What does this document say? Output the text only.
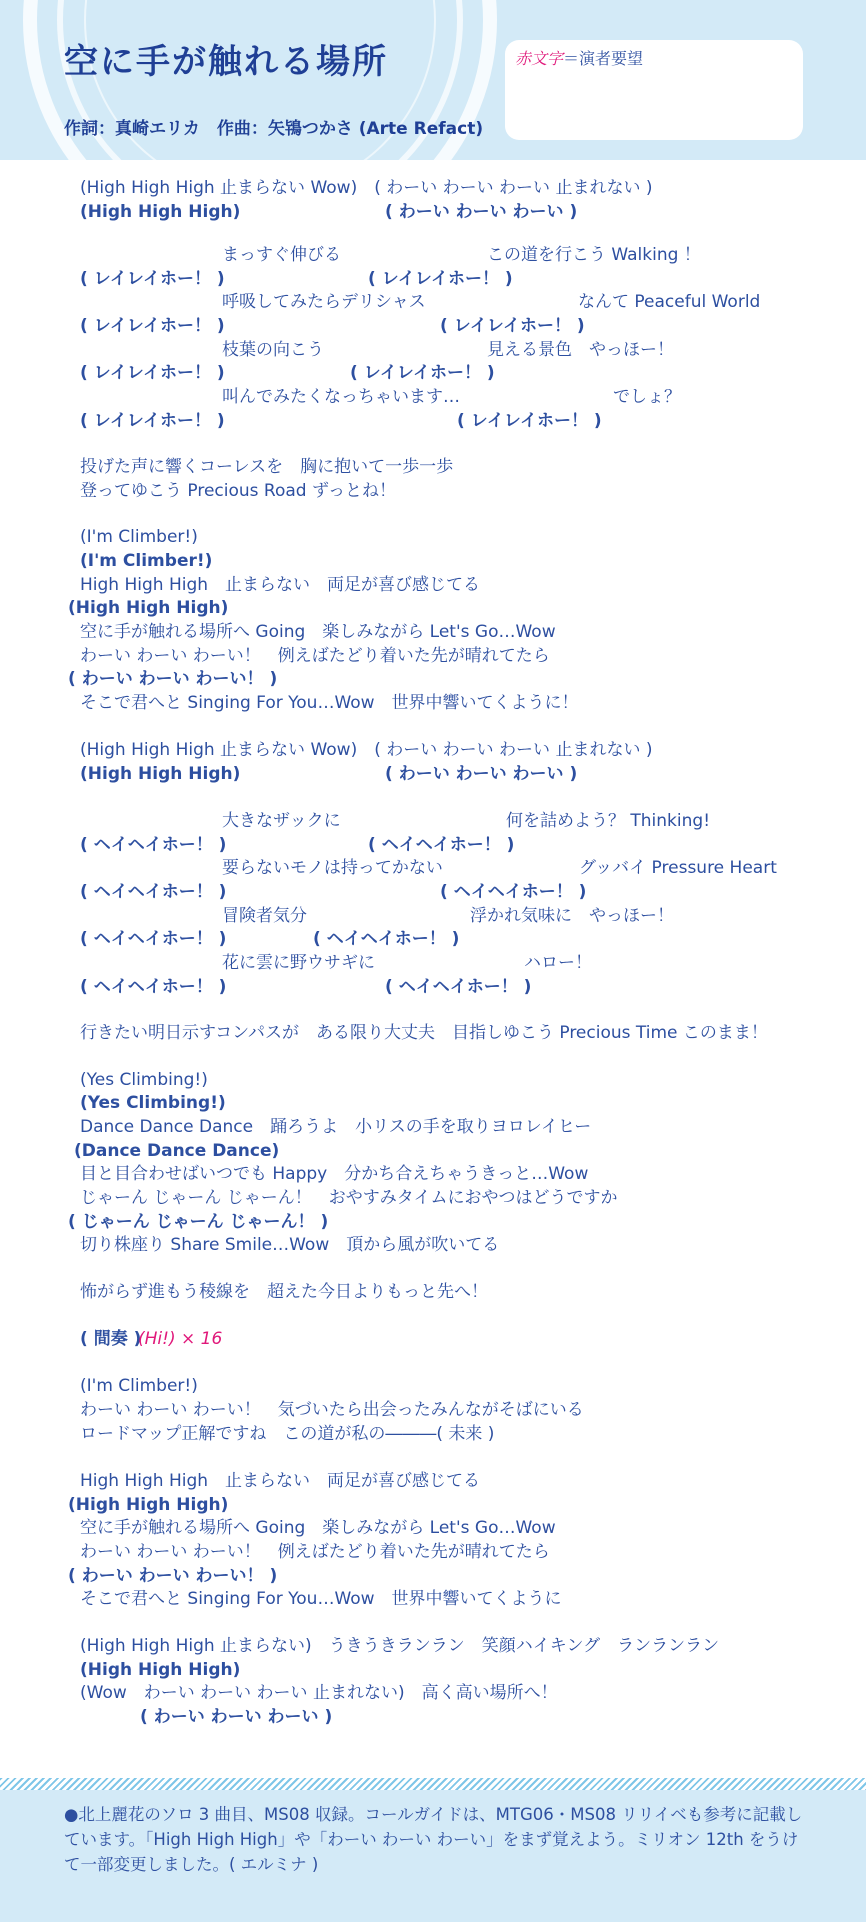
空に手が触れる場所
作詞：真崎エリカ　作曲：矢鴇つかさ (Arte Refact)
赤文字＝演者要望
(High High High 止まらない Wow)　( わーい わーい わーい 止まれない )
(High High High)	( わーい わーい わーい )
まっすぐ伸びる	この道を行こう Walking ！
( レイレイホー！ )	( レイレイホー！ )
呼吸してみたらデリシャス	なんて Peaceful World
( レイレイホー！ )	( レイレイホー！ )
枝葉の向こう	見える景色　やっほー！
( レイレイホー！ )	( レイレイホー！ )
叫んでみたくなっちゃいます…	でしょ？
( レイレイホー！ )	( レイレイホー！ )
投げた声に響くコーレスを　胸に抱いて一歩一歩
登ってゆこう Precious Road ずっとね！
(I'm Climber!)
(I'm Climber!)
High High High　止まらない　両足が喜び感じてる
(High High High)
空に手が触れる場所へ Going　楽しみながら Let's Go…Wow
わーい わーい わーい！　例えばたどり着いた先が晴れてたら
( わーい わーい わーい！ )
そこで君へと Singing For You…Wow　世界中響いてくように！
(High High High 止まらない Wow)　( わーい わーい わーい 止まれない )
(High High High)	( わーい わーい わーい )
大きなザックに	何を詰めよう？ Thinking!
( ヘイヘイホー！ )	( ヘイヘイホー！ )
要らないモノは持ってかない	グッバイ Pressure Heart
( ヘイヘイホー！ )	( ヘイヘイホー！ )
冒険者気分	浮かれ気味に　やっほー！
( ヘイヘイホー！ )	( ヘイヘイホー！ )
花に雲に野ウサギに	ハロー！
( ヘイヘイホー！ )	( ヘイヘイホー！ )
行きたい明日示すコンパスが　ある限り大丈夫　目指しゆこう Precious Time このまま！
(Yes Climbing!)
(Yes Climbing!)
Dance Dance Dance　踊ろうよ　小リスの手を取りヨロレイヒー
(Dance Dance Dance)
目と目合わせばいつでも Happy　分かち合えちゃうきっと…Wow
じゃーん じゃーん じゃーん！　おやすみタイムにおやつはどうですか
( じゃーん じゃーん じゃーん！ )
切り株座り Share Smile…Wow　頂から風が吹いてる
怖がらず進もう稜線を　超えた今日よりもっと先へ！
( 間奏 )
(Hi!) × 16
(I'm Climber!)
わーい わーい わーい！　気づいたら出会ったみんながそばにいる
ロードマップ正解ですね　この道が私の―――( 未来 )
High High High　止まらない　両足が喜び感じてる
(High High High)
空に手が触れる場所へ Going　楽しみながら Let's Go…Wow
わーい わーい わーい！　例えばたどり着いた先が晴れてたら
( わーい わーい わーい！ )
そこで君へと Singing For You…Wow　世界中響いてくように
(High High High 止まらない)　うきうきランラン　笑顔ハイキング　ランランラン
(High High High)
(Wow　わーい わーい わーい 止まれない)　高く高い場所へ！
( わーい わーい わーい )

●北上麗花のソロ 3 曲目、MS08 収録。コールガイドは、MTG06・MS08 リリイベも参考に記載しています。「High High High」や「わーい わーい わーい」をまず覚えよう。ミリオン 12th をうけて一部変更しました。( エルミナ )
